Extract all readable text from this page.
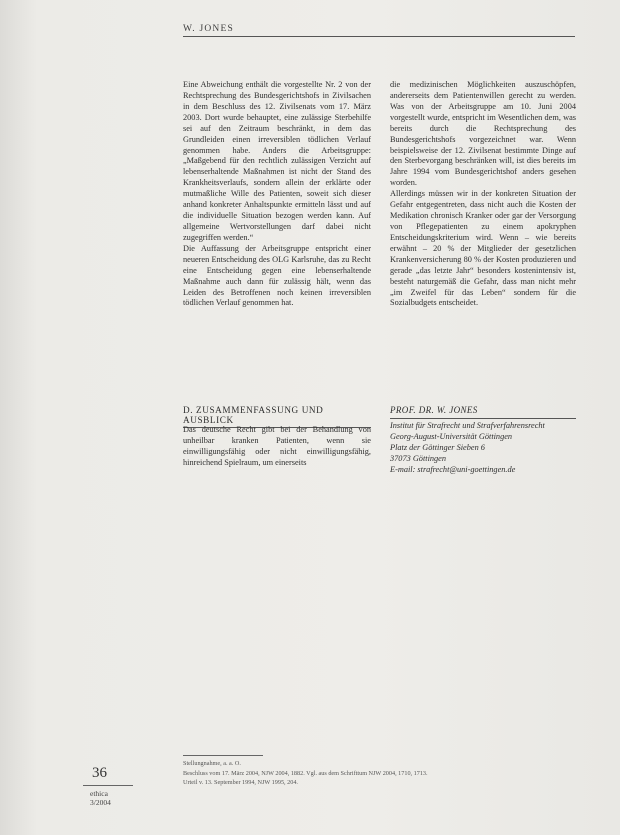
W. JONES

Eine Abweichung enthält die vorgestellte Nr. 2 von der Rechtsprechung des Bundesgerichtshofs in Zivilsachen in dem Beschluss des 12. Zivilsenats vom 17. März 2003. Dort wurde behauptet, eine zulässige Sterbehilfe sei auf den Zeitraum beschränkt, in dem das Grundleiden einen irreversiblen tödlichen Verlauf genommen habe. Anders die Arbeitsgruppe: „Maßgebend für den rechtlich zulässigen Verzicht auf lebenserhaltende Maßnahmen ist nicht der Stand des Krankheitsverlaufs, sondern allein der erklärte oder mutmaßliche Wille des Patienten, soweit sich dieser anhand konkreter Anhaltspunkte ermitteln lässt und auf die individuelle Situation bezogen werden kann. Auf allgemeine Wertvorstellungen darf dabei nicht zugegriffen werden.“

Die Auffassung der Arbeitsgruppe entspricht einer neueren Entscheidung des OLG Karlsruhe, das zu Recht eine Entscheidung gegen eine lebenserhaltende Maßnahme auch dann für zulässig hält, wenn das Leiden des Betroffenen noch keinen irreversiblen tödlichen Verlauf genommen hat.

die medizinischen Möglichkeiten auszuschöpfen, andererseits dem Patientenwillen gerecht zu werden. Was von der Arbeitsgruppe am 10. Juni 2004 vorgestellt wurde, entspricht im Wesentlichen dem, was bereits durch die Rechtsprechung des Bundesgerichtshofs vorgezeichnet war. Wenn beispielsweise der 12. Zivilsenat bestimmte Dinge auf den Sterbevorgang beschränken will, ist dies bereits im Jahre 1994 vom Bundesgerichtshof anders gesehen worden.

Allerdings müssen wir in der konkreten Situation der Gefahr entgegentreten, dass nicht auch die Kosten der Medikation chronisch Kranker oder gar der Versorgung von Pflegepatienten zu einem apokryphen Entscheidungskriterium wird. Wenn – wie bereits erwähnt – 20 % der Mitglieder der gesetzlichen Krankenversicherung 80 % der Kosten produzieren und gerade „das letzte Jahr“ besonders kostenintensiv ist, besteht naturgemäß die Gefahr, dass man nicht mehr „im Zweifel für das Leben“ sondern für die Sozialbudgets entscheidet.

D. ZUSAMMENFASSUNG UND AUSBLICK

Das deutsche Recht gibt bei der Behandlung von unheilbar kranken Patienten, wenn sie einwilligungsfähig oder nicht einwilligungsfähig, hinreichend Spielraum, um einerseits

PROF. DR. W. JONES
Institut für Strafrecht und Strafverfahrensrecht
Georg-August-Universität Göttingen
Platz der Göttinger Sieben 6
37073 Göttingen
E-mail: strafrecht@uni-goettingen.de
36
ethica
3/2004
Stellungnahme, a. a. O.
Beschluss vom 17. März 2004, NJW 2004, 1882. Vgl. aus dem Schrifttum NJW 2004, 1710, 1713.
Urteil v. 13. September 1994, NJW 1995, 204.
